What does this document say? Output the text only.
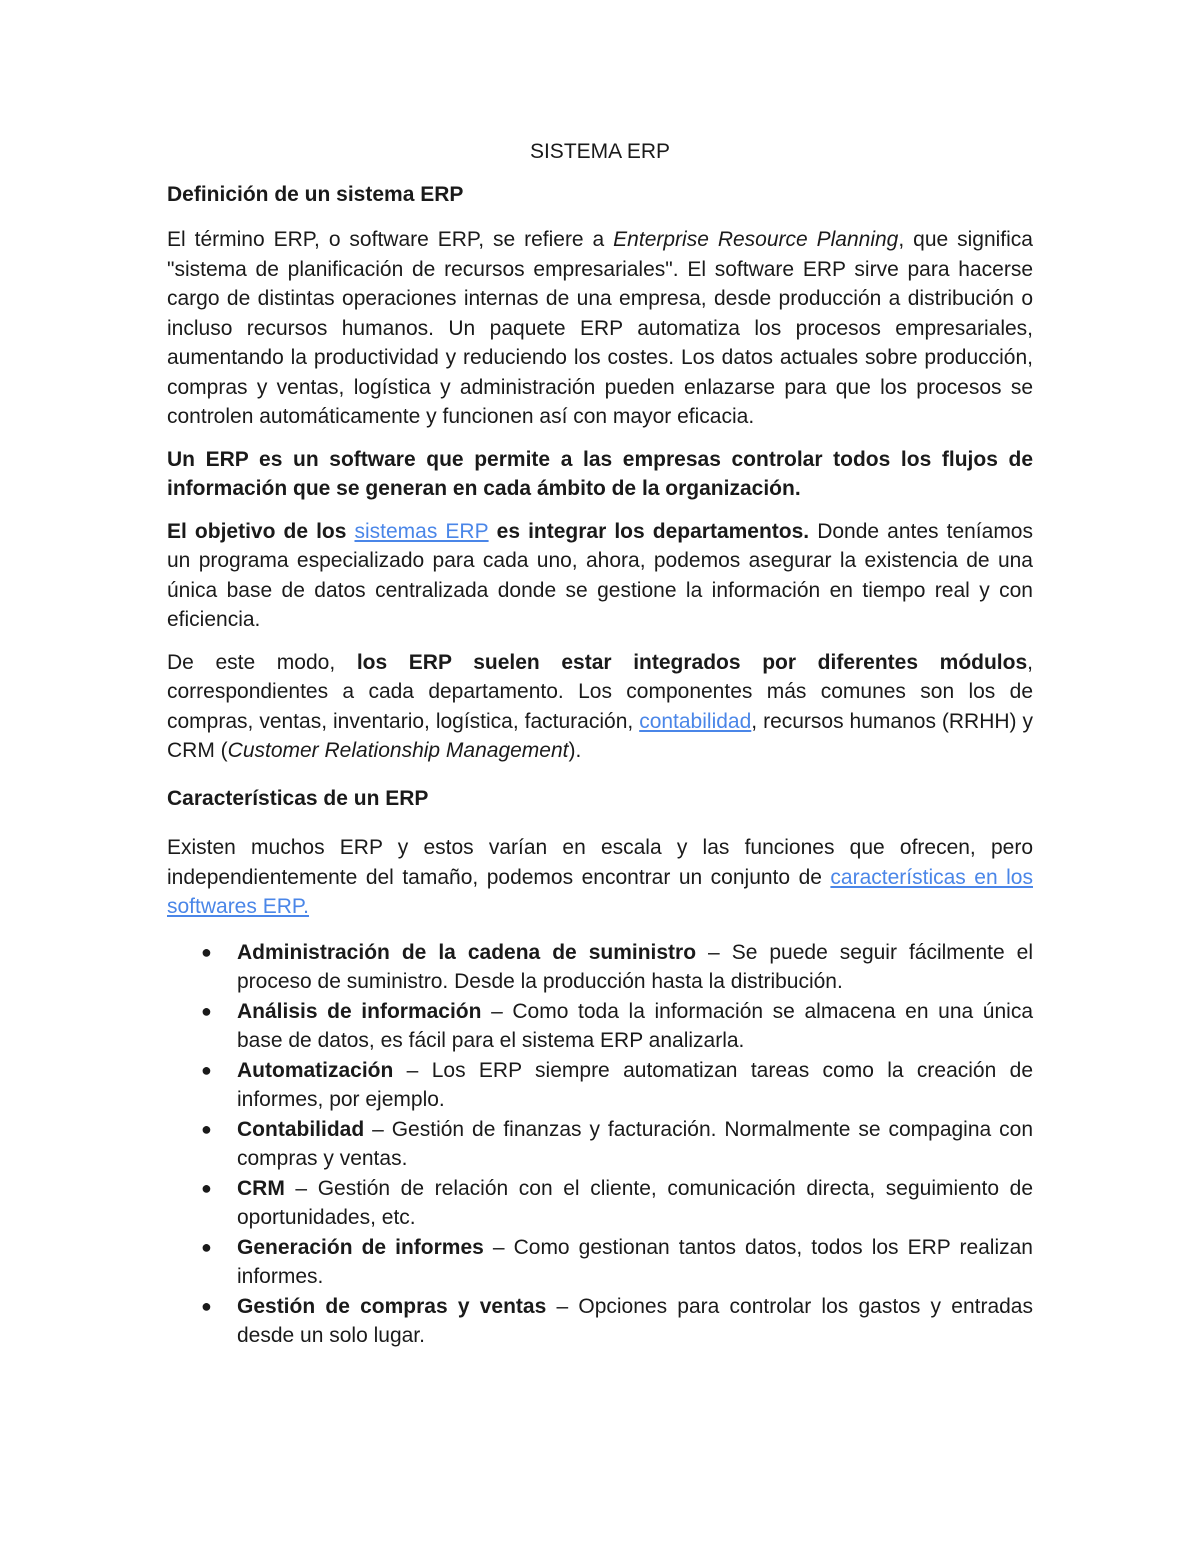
SISTEMA ERP
Definición de un sistema ERP

El término ERP, o software ERP, se refiere a Enterprise Resource Planning, que significa "sistema de planificación de recursos empresariales". El software ERP sirve para hacerse cargo de distintas operaciones internas de una empresa, desde producción a distribución o incluso recursos humanos. Un paquete ERP automatiza los procesos empresariales, aumentando la productividad y reduciendo los costes. Los datos actuales sobre producción, compras y ventas, logística y administración pueden enlazarse para que los procesos se controlen automáticamente y funcionen así con mayor eficacia.

Un ERP es un software que permite a las empresas controlar todos los flujos de información que se generan en cada ámbito de la organización.

El objetivo de los sistemas ERP es integrar los departamentos. Donde antes teníamos un programa especializado para cada uno, ahora, podemos asegurar la existencia de una única base de datos centralizada donde se gestione la información en tiempo real y con eficiencia.

De este modo, los ERP suelen estar integrados por diferentes módulos, correspondientes a cada departamento. Los componentes más comunes son los de compras, ventas, inventario, logística, facturación, contabilidad, recursos humanos (RRHH) y CRM (Customer Relationship Management).

Características de un ERP

Existen muchos ERP y estos varían en escala y las funciones que ofrecen, pero independientemente del tamaño, podemos encontrar un conjunto de características en los softwares ERP.

● Administración de la cadena de suministro – Se puede seguir fácilmente el proceso de suministro. Desde la producción hasta la distribución.
● Análisis de información – Como toda la información se almacena en una única base de datos, es fácil para el sistema ERP analizarla.
● Automatización – Los ERP siempre automatizan tareas como la creación de informes, por ejemplo.
● Contabilidad – Gestión de finanzas y facturación. Normalmente se compagina con compras y ventas.
● CRM – Gestión de relación con el cliente, comunicación directa, seguimiento de oportunidades, etc.
● Generación de informes – Como gestionan tantos datos, todos los ERP realizan informes.
● Gestión de compras y ventas – Opciones para controlar los gastos y entradas desde un solo lugar.
